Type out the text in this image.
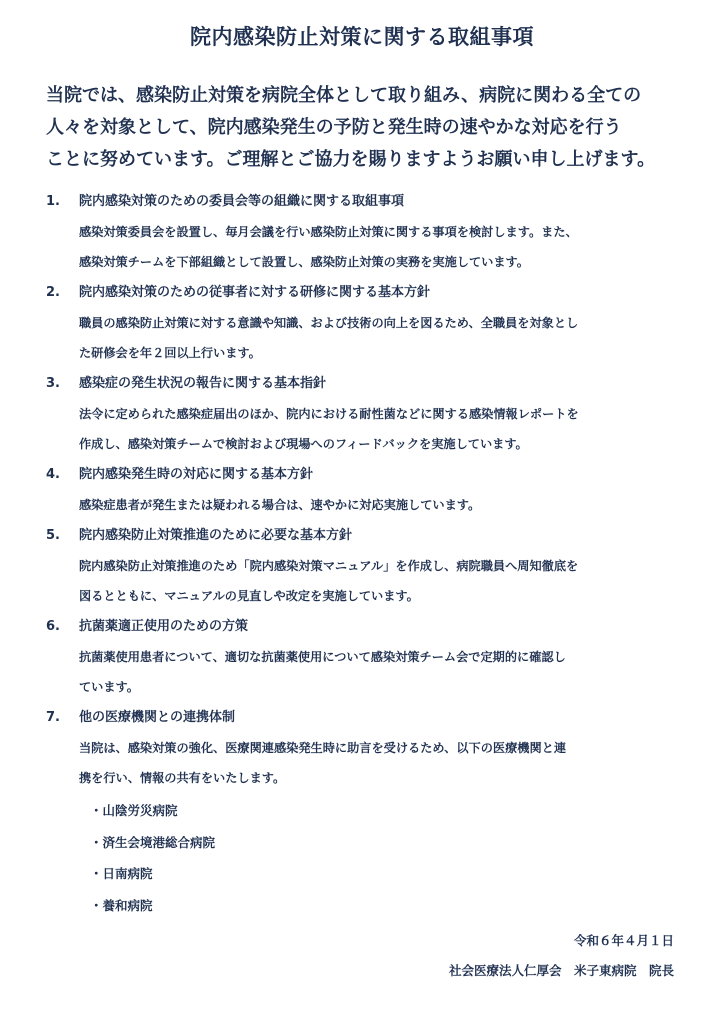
院内感染防止対策に関する取組事項
当院では、感染防止対策を病院全体として取り組み、病院に関わる全ての
人々を対象として、院内感染発生の予防と発生時の速やかな対応を行う
ことに努めています。ご理解とご協力を賜りますようお願い申し上げます。
1.	院内感染対策のための委員会等の組織に関する取組事項
感染対策委員会を設置し、毎月会議を行い感染防止対策に関する事項を検討します。また、
感染対策チームを下部組織として設置し、感染防止対策の実務を実施しています。
2.	院内感染対策のための従事者に対する研修に関する基本方針
職員の感染防止対策に対する意識や知識、および技術の向上を図るため、全職員を対象とし
た研修会を年２回以上行います。
3.	感染症の発生状況の報告に関する基本指針
法令に定められた感染症届出のほか、院内における耐性菌などに関する感染情報レポートを
作成し、感染対策チームで検討および現場へのフィードバックを実施しています。
4.	院内感染発生時の対応に関する基本方針
感染症患者が発生または疑われる場合は、速やかに対応実施しています。
5.	院内感染防止対策推進のために必要な基本方針
院内感染防止対策推進のため「院内感染対策マニュアル」を作成し、病院職員へ周知徹底を
図るとともに、マニュアルの見直しや改定を実施しています。
6.	抗菌薬適正使用のための方策
抗菌薬使用患者について、適切な抗菌薬使用について感染対策チーム会で定期的に確認し
ています。
7.	他の医療機関との連携体制
当院は、感染対策の強化、医療関連感染発生時に助言を受けるため、以下の医療機関と連
携を行い、情報の共有をいたします。
・山陰労災病院
・済生会境港総合病院
・日南病院
・養和病院
令和６年４月１日
社会医療法人仁厚会　米子東病院　院長
